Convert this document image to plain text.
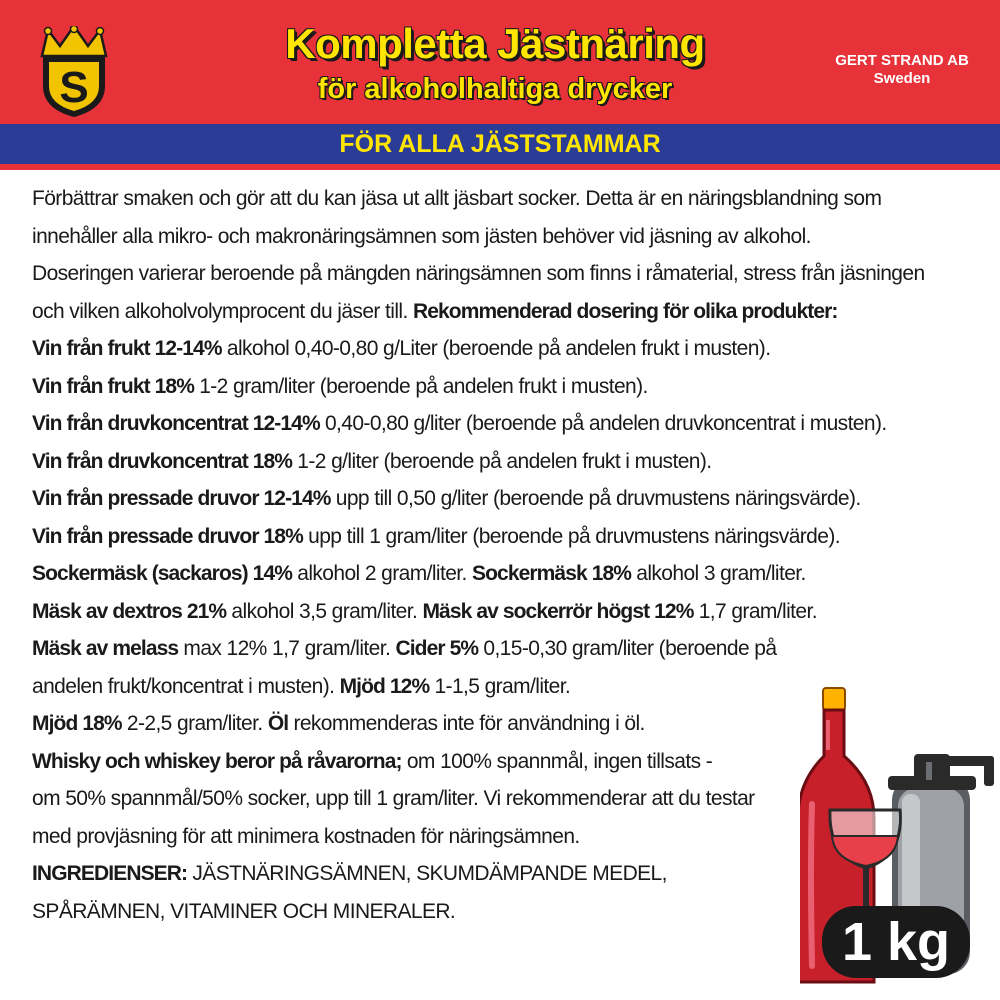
S
Kompletta Jästnäring
för alkoholhaltiga drycker
GERT STRAND AB
Sweden
FÖR ALLA JÄSTSTAMMAR
Förbättrar smaken och gör att du kan jäsa ut allt jäsbart socker. Detta är en näringsblandning som
innehåller alla mikro- och makronäringsämnen som jästen behöver vid jäsning av alkohol.
Doseringen varierar beroende på mängden näringsämnen som finns i råmaterial, stress från jäsningen
och vilken alkoholvolymprocent du jäser till. Rekommenderad dosering för olika produkter:
Vin från frukt 12-14% alkohol 0,40-0,80 g/Liter (beroende på andelen frukt i musten).
Vin från frukt 18% 1-2 gram/liter (beroende på andelen frukt i musten).
Vin från druvkoncentrat 12-14% 0,40-0,80 g/liter (beroende på andelen druvkoncentrat i musten).
Vin från druvkoncentrat 18% 1-2 g/liter (beroende på andelen frukt i musten).
Vin från pressade druvor 12-14% upp till 0,50 g/liter (beroende på druvmustens näringsvärde).
Vin från pressade druvor 18% upp till 1 gram/liter (beroende på druvmustens näringsvärde).
Sockermäsk (sackaros) 14% alkohol 2 gram/liter. Sockermäsk 18% alkohol 3 gram/liter.
Mäsk av dextros 21% alkohol 3,5 gram/liter. Mäsk av sockerrör högst 12% 1,7 gram/liter.
Mäsk av melass max 12% 1,7 gram/liter. Cider 5% 0,15-0,30 gram/liter (beroende på
andelen frukt/koncentrat i musten). Mjöd 12% 1-1,5 gram/liter.
Mjöd 18% 2-2,5 gram/liter. Öl rekommenderas inte för användning i öl.
Whisky och whiskey beror på råvarorna; om 100% spannmål, ingen tillsats -
om 50% spannmål/50% socker, upp till 1 gram/liter. Vi rekommenderar att du testar
med provjäsning för att minimera kostnaden för näringsämnen.
INGREDIENSER: JÄSTNÄRINGSÄMNEN, SKUMDÄMPANDE MEDEL,
SPÅRÄMNEN, VITAMINER OCH MINERALER.
1 kg
